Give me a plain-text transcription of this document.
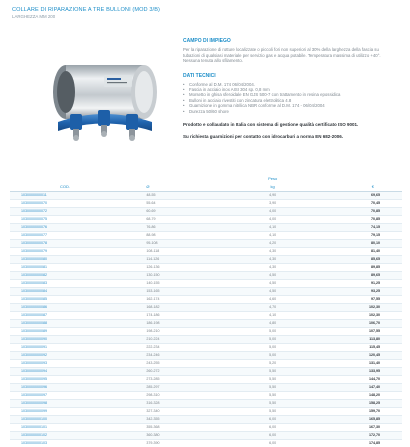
COLLARE DI RIPARAZIONE A TRE BULLONI (MOD 3/B)
LARGHEZZA MM 200
CAMPO DI IMPIEGO
Per la riparazione di rotture localizzate o piccoli fori non superiori al 30% della larghezza della fascia su tubazioni di qualsiasi materiale per servizio gas e acqua potabile. Temperatura massima di utilizzo +40°. Nessuna tenuta allo sfilamento.
DATI TECNICI
• Conforme al D.M. 174 06/04/2004.
• Fascia in acciaio inox AISI 304 sp. 0,8 mm
• Morsetto in ghisa sferoidale EN GJS 500-7 con trattamento in resina epossidica
• Bulloni in acciaio rivestiti con zincatura elettrolitica 4.8
• Guarnizione in gomma nitrilica NBR conforme al D.M. 174 - 06/04/2004
• Durezza 50/60 shore
Prodotto e collaudato in Italia con sistema di gestione qualità certificato ISO 9001.
Su richiesta guarnizioni per contatto con idrocarburi a norma EN 682-2006.
		Peso	
COD.	Ø	kg	€
1030000000011	48-55	4,90	69,65
1030000000070	55-64	3,90	70,45
1030000000072	60-69	4,00	70,85
1030000000075	68-79	4,00	70,85
1030000000076	76-86	4,10	74,15
1030000000077	88-98	4,10	79,15
1030000000078	95-108	4,20	80,10
1030000000079	108-118	4,30	81,40
1030000000080	114-126	4,30	85,65
1030000000081	126-136	4,30	89,85
1030000000082	130-150	4,50	89,65
1030000000083	140-155	4,50	91,25
1030000000084	153-165	4,50	93,25
1030000000085	162-174	4,60	97,55
1030000000086	168-182	4,70	102,30
1030000000087	174-186	4,10	102,30
1030000000088	186-198	4,80	106,70
1030000000089	198-210	5,00	107,55
1030000000090	210-224	5,00	113,80
1030000000091	222-234	5,00	115,45
1030000000092	234-246	5,00	120,45
1030000000093	243-255	5,20	131,40
1030000000094	260-272	5,50	133,95
1030000000095	273-285	5,50	144,70
1030000000096	285-297	5,50	147,40
1030000000097	298-310	5,50	148,20
1030000000098	316-328	5,50	158,25
1030000000099	327-340	5,50	159,70
1030000000100	342-355	6,00	165,85
1030000000101	355-368	6,00	167,30
1030000000102	360-380	6,00	172,70
1030000000103	379-390	6,00	174,85
